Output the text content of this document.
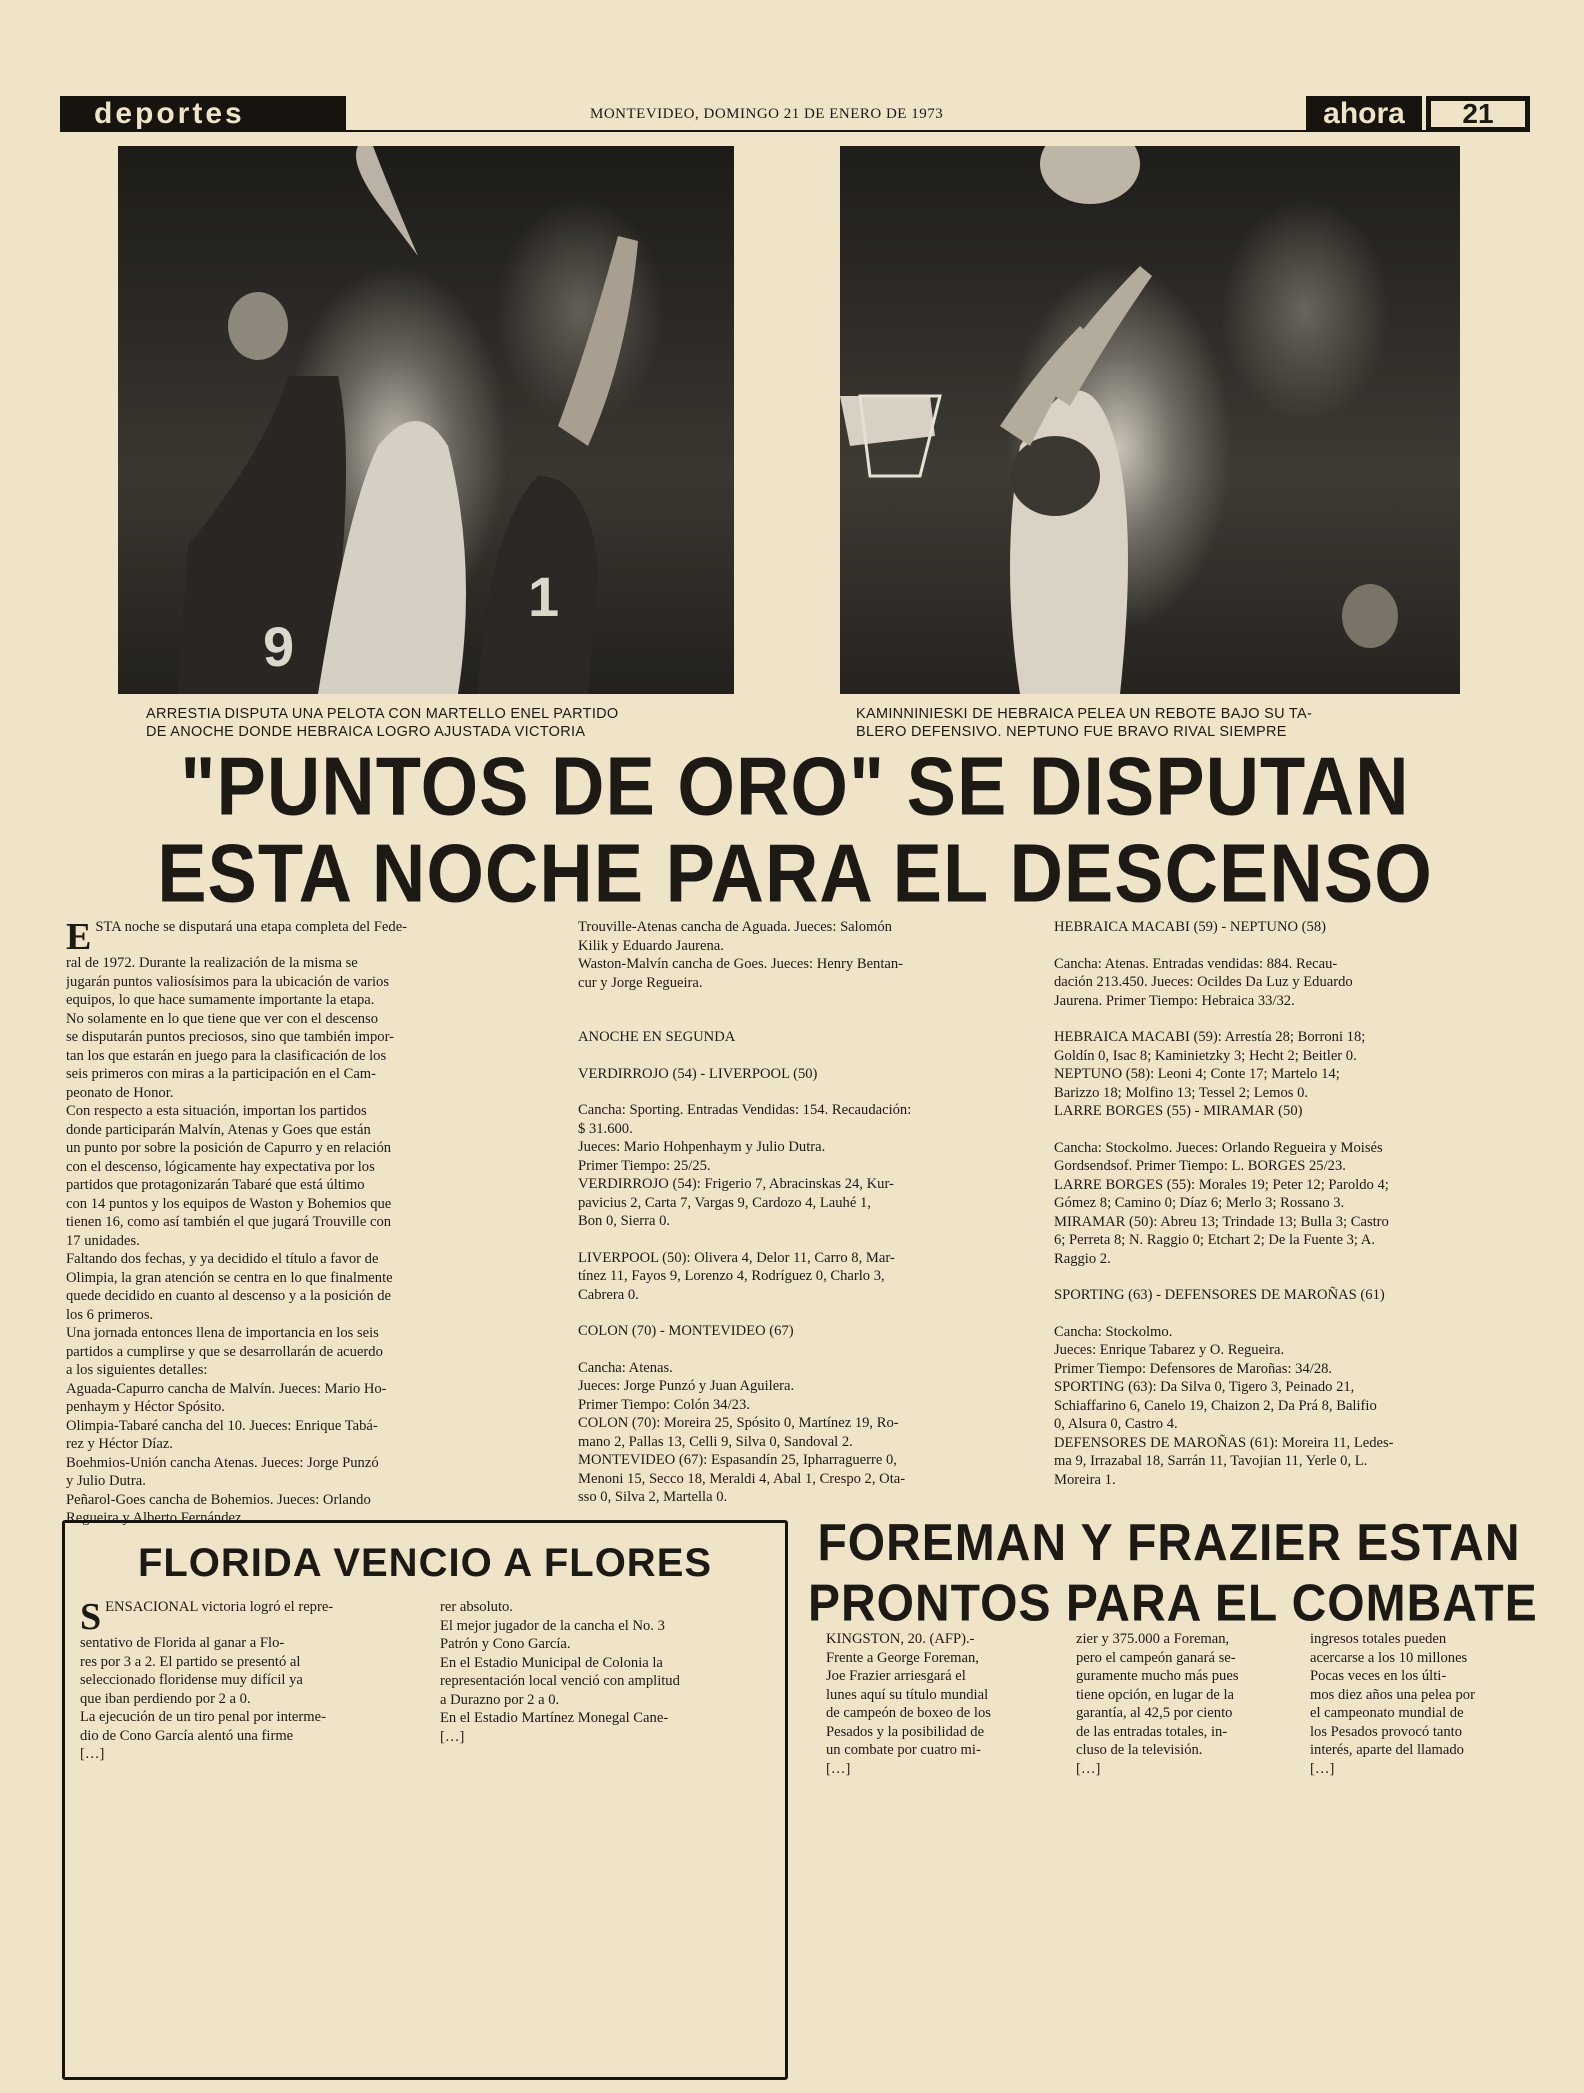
deportes	MONTEVIDEO, DOMINGO 21 DE ENERO DE 1973	ahora	21
9
1
ARRESTIA DISPUTA UNA PELOTA CON MARTELLO ENEL PARTIDO
DE ANOCHE DONDE HEBRAICA LOGRO AJUSTADA VICTORIA
KAMINNINIESKI DE HEBRAICA PELEA UN REBOTE BAJO SU TA-
BLERO DEFENSIVO. NEPTUNO FUE BRAVO RIVAL SIEMPRE
"PUNTOS DE ORO" SE DISPUTAN
ESTA NOCHE PARA EL DESCENSO
ESTA noche se disputará una etapa completa del Fede-
ral de 1972. Durante la realización de la misma se
jugarán puntos valiosísimos para la ubicación de varios
equipos, lo que hace sumamente importante la etapa.
No solamente en lo que tiene que ver con el descenso
se disputarán puntos preciosos, sino que también impor-
tan los que estarán en juego para la clasificación de los
seis primeros con miras a la participación en el Cam-
peonato de Honor.
Con respecto a esta situación, importan los partidos
donde participarán Malvín, Atenas y Goes que están
un punto por sobre la posición de Capurro y en relación
con el descenso, lógicamente hay expectativa por los
partidos que protagonizarán Tabaré que está último
con 14 puntos y los equipos de Waston y Bohemios que
tienen 16, como así también el que jugará Trouville con
17 unidades.
Faltando dos fechas, y ya decidido el título a favor de
Olimpia, la gran atención se centra en lo que finalmente
quede decidido en cuanto al descenso y a la posición de
los 6 primeros.
Una jornada entonces llena de importancia en los seis
partidos a cumplirse y que se desarrollarán de acuerdo
a los siguientes detalles:
Aguada-Capurro cancha de Malvín. Jueces: Mario Ho-
penhaym y Héctor Spósito.
Olimpia-Tabaré cancha del 10. Jueces: Enrique Tabá-
rez y Héctor Díaz.
Boehmios-Unión cancha Atenas. Jueces: Jorge Punzó
y Julio Dutra.
Peñarol-Goes cancha de Bohemios. Jueces: Orlando
Regueira y Alberto Fernández.
Trouville-Atenas cancha de Aguada. Jueces: Salomón
Kilik y Eduardo Jaurena.
Waston-Malvín cancha de Goes. Jueces: Henry Bentan-
cur y Jorge Regueira.

ANOCHE EN SEGUNDA

VERDIRROJO (54) - LIVERPOOL (50)

Cancha: Sporting. Entradas Vendidas: 154. Recaudación:
$ 31.600.
Jueces: Mario Hohpenhaym y Julio Dutra.
Primer Tiempo: 25/25.
VERDIRROJO (54): Frigerio 7, Abracinskas 24, Kur-
pavicius 2, Carta 7, Vargas 9, Cardozo 4, Lauhé 1,
Bon 0, Sierra 0.

LIVERPOOL (50): Olivera 4, Delor 11, Carro 8, Mar-
tínez 11, Fayos 9, Lorenzo 4, Rodríguez 0, Charlo 3,
Cabrera 0.

COLON (70) - MONTEVIDEO (67)

Cancha: Atenas.
Jueces: Jorge Punzó y Juan Aguilera.
Primer Tiempo: Colón 34/23.
COLON (70): Moreira 25, Spósito 0, Martínez 19, Ro-
mano 2, Pallas 13, Celli 9, Silva 0, Sandoval 2.
MONTEVIDEO (67): Espasandín 25, Ipharraguerre 0,
Menoni 15, Secco 18, Meraldi 4, Abal 1, Crespo 2, Ota-
sso 0, Silva 2, Martella 0.
HEBRAICA MACABI (59) - NEPTUNO (58)

Cancha: Atenas. Entradas vendidas: 884. Recau-
dación 213.450. Jueces: Ocildes Da Luz y Eduardo
Jaurena. Primer Tiempo: Hebraica 33/32.

HEBRAICA MACABI (59): Arrestía 28; Borroni 18;
Goldín 0, Isac 8; Kaminietzky 3; Hecht 2; Beitler 0.
NEPTUNO (58): Leoni 4; Conte 17; Martelo 14;
Barizzo 18; Molfino 13; Tessel 2; Lemos 0.
LARRE BORGES (55) - MIRAMAR (50)

Cancha: Stockolmo. Jueces: Orlando Regueira y Moisés
Gordsendsof. Primer Tiempo: L. BORGES 25/23.
LARRE BORGES (55): Morales 19; Peter 12; Paroldo 4;
Gómez 8; Camino 0; Díaz 6; Merlo 3; Rossano 3.
MIRAMAR (50): Abreu 13; Trindade 13; Bulla 3; Castro
6; Perreta 8; N. Raggio 0; Etchart 2; De la Fuente 3; A.
Raggio 2.

SPORTING (63) - DEFENSORES DE MAROÑAS (61)

Cancha: Stockolmo.
Jueces: Enrique Tabarez y O. Regueira.
Primer Tiempo: Defensores de Maroñas: 34/28.
SPORTING (63): Da Silva 0, Tigero 3, Peinado 21,
Schiaffarino 6, Canelo 19, Chaizon 2, Da Prá 8, Balifio
0, Alsura 0, Castro 4.
DEFENSORES DE MAROÑAS (61): Moreira 11, Ledes-
ma 9, Irrazabal 18, Sarrán 11, Tavojian 11, Yerle 0, L.
Moreira 1.
FLORIDA VENCIO A FLORES
SENSACIONAL victoria logró el repre-
sentativo de Florida al ganar a Flo-
res por 3 a 2. El partido se presentó al
seleccionado floridense muy difícil ya
que iban perdiendo por 2 a 0.
La ejecución de un tiro penal por interme-
dio de Cono García alentó una firme
[…]
rer absoluto.
El mejor jugador de la cancha el No. 3
Patrón y Cono García.
En el Estadio Municipal de Colonia la
representación local venció con amplitud
a Durazno por 2 a 0.
En el Estadio Martínez Monegal Cane-
[…]
FOREMAN Y FRAZIER ESTAN
PRONTOS PARA EL COMBATE
KINGSTON, 20. (AFP).-
Frente a George Foreman,
Joe Frazier arriesgará el
lunes aquí su título mundial
de campeón de boxeo de los
Pesados y la posibilidad de
un combate por cuatro mi-
[…]
zier y 375.000 a Foreman,
pero el campeón ganará se-
guramente mucho más pues
tiene opción, en lugar de la
garantía, al 42,5 por ciento
de las entradas totales, in-
cluso de la televisión.
[…]
ingresos totales pueden
acercarse a los 10 millones
Pocas veces en los últi-
mos diez años una pelea por
el campeonato mundial de
los Pesados provocó tanto
interés, aparte del llamado
[…]
